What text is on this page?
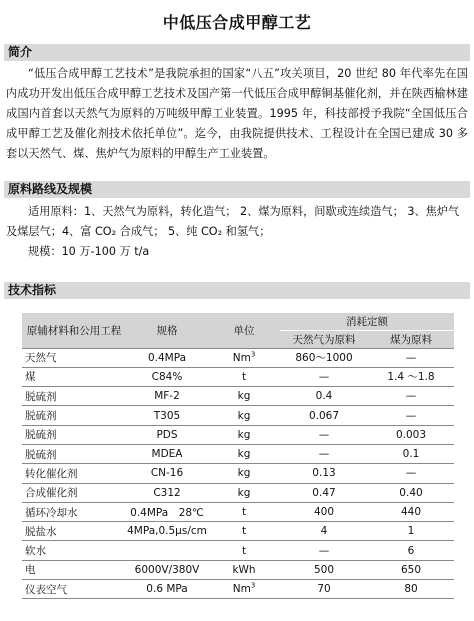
中低压合成甲醇工艺
简介
“低压合成甲醇工艺技术”是我院承担的国家“八五”攻关项目，20 世纪 80 年代率先在国内成功开发出低压合成甲醇工艺技术及国产第一代低压合成甲醇铜基催化剂，并在陕西榆林建成国内首套以天然气为原料的万吨级甲醇工业装置。1995 年，科技部授予我院“全国低压合成甲醇工艺及催化剂技术依托单位”。迄今，由我院提供技术、工程设计在全国已建成 30 多套以天然气、煤、焦炉气为原料的甲醇生产工业装置。
原料路线及规模
适用原料：1、天然气为原料，转化造气； 2、煤为原料，间歇或连续造气； 3、焦炉气
及煤层气；4、富 CO₂ 合成气； 5、纯 CO₂ 和氢气；
规模：10 万-100 万 t/a
技术指标
原辅材料和公用工程	规格	单位	消耗定额	
			天然气为原料	煤为原料
天然气	0.4MPa	Nm$^3$	860～1000	—
煤	C84%	t	—	1.4 ～1.8
脱硫剂	MF-2	kg	0.4	—
脱硫剂	T305	kg	0.067	—
脱硫剂	PDS	kg	—	0.003
脱硫剂	MDEA	kg	—	0.1
转化催化剂	CN-16	kg	0.13	—
合成催化剂	C312	kg	0.47	0.40
循环冷却水	0.4MPa　28℃	t	400	440
脱盐水	4MPa,0.5μs/cm	t	4	1
软水		t	—	6
电	6000V/380V	kWh	500	650
仪表空气	0.6 MPa	Nm$^3$	70	80
